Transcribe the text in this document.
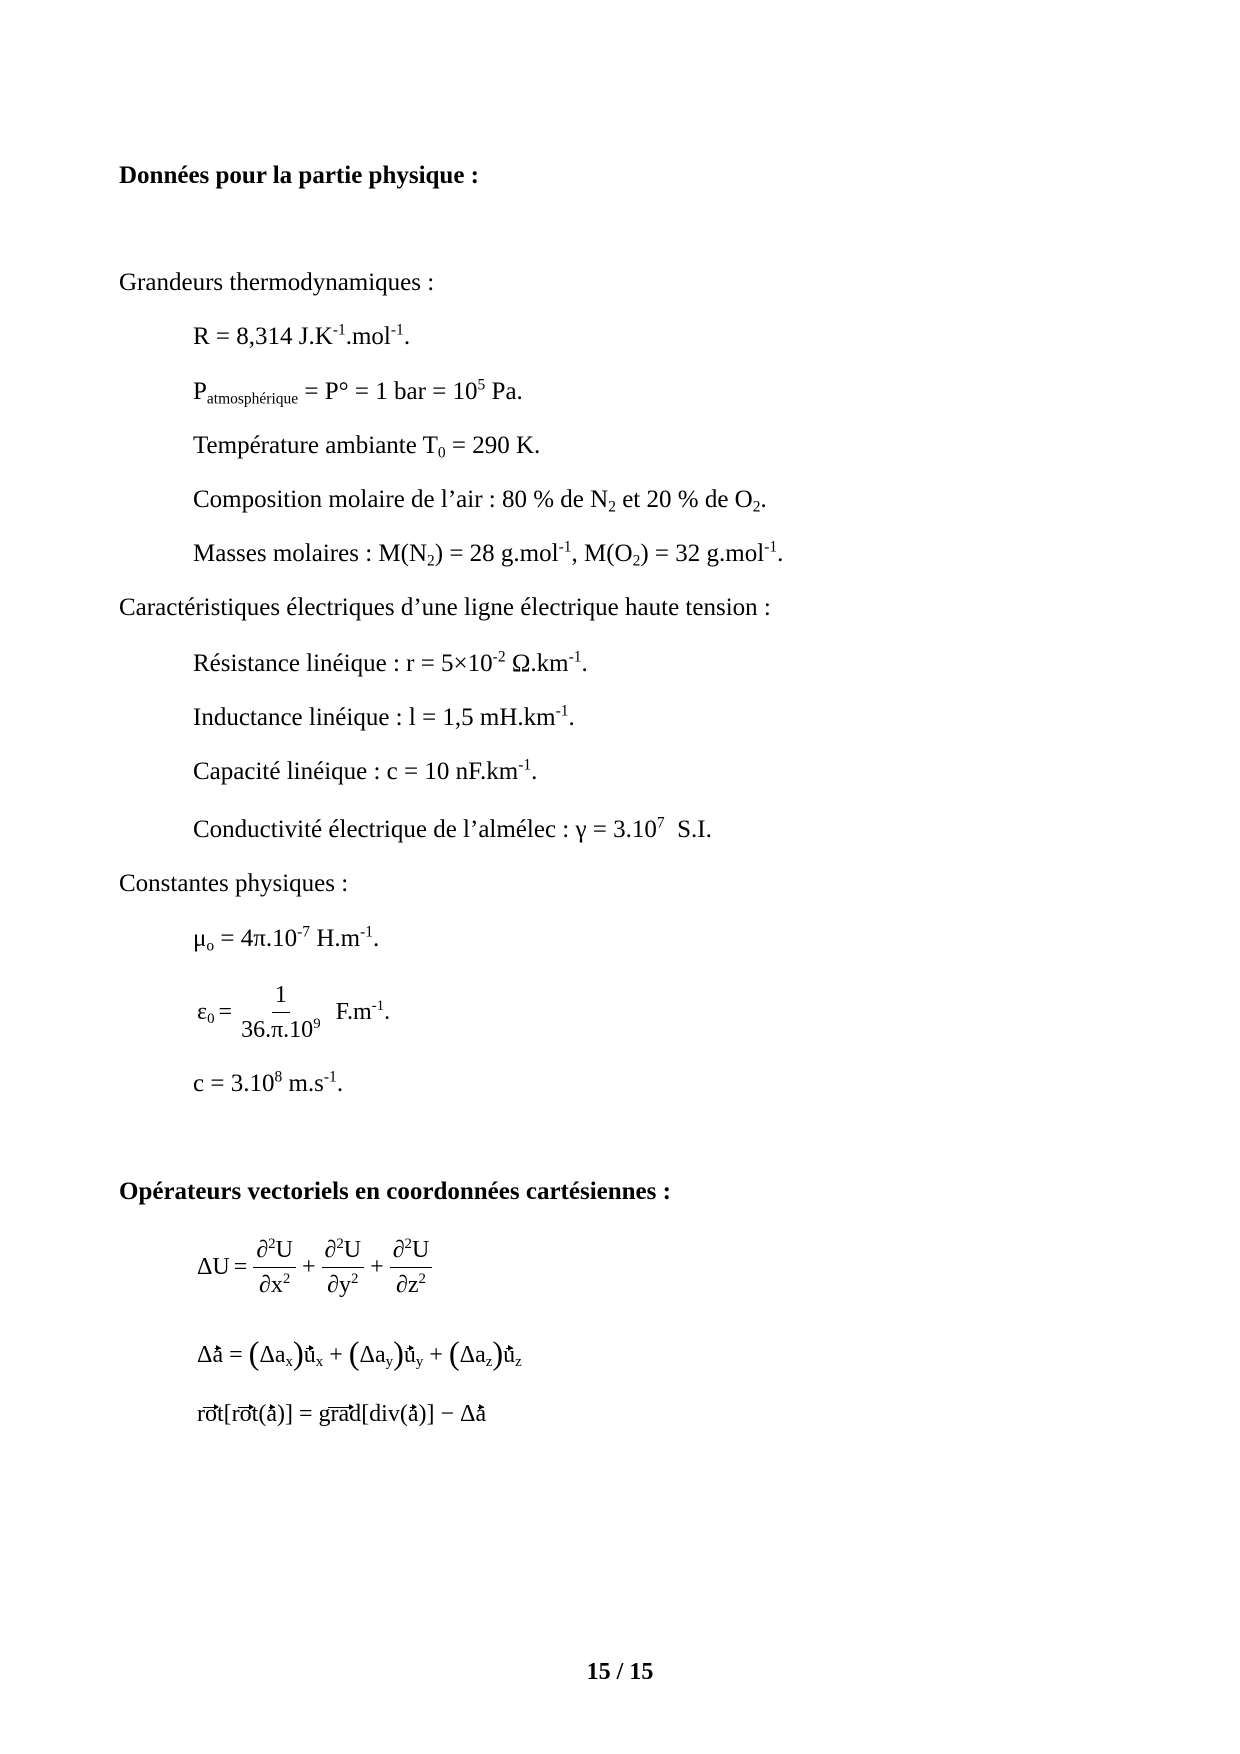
Données pour la partie physique :
Grandeurs thermodynamiques :
R = 8,314 $J.K^{-1}.mol^{-1}$.
$P_{atmosphérique} = P^\circ = 1$ bar = $10^5$ Pa.
Température ambiante $T_0 = 290$ K.
Composition molaire de l’air : 80 % de $N_2$ et 20 % de $O_2$.
Masses molaires : $M(N_2) = 28$ g.mol$^{-1}$, $M(O_2) = 32$ g.mol$^{-1}$.
Caractéristiques électriques d’une ligne électrique haute tension :
Résistance linéique : $r = 5\times 10^{-2}$ $\Omega.km^{-1}$.
Inductance linéique : l = 1,5 $mH.km^{-1}$.
Capacité linéique : c = 10 $nF.km^{-1}$.
Conductivité électrique de l’almélec : $\gamma = 3.10^7$  S.I.
Constantes physiques :
$\mu_o = 4\pi.10^{-7}$ $H.m^{-1}$.
$\varepsilon_0 = \frac{1}{36.\pi.10^9} F.m^{-1}$.
$c = 3.10^8$ $m.s^{-1}$.
Opérateurs vectoriels en coordonnées cartésiennes :
$\Delta U = \frac{\partial^2U}{\partial x^2} + \frac{\partial^2U}{\partial y^2} + \frac{\partial^2U}{\partial z^2}$
$\Delta a = (\Delta a_x)u_x + (\Delta a_y)u_y + (\Delta a_z)u_z$
rot[rot(a)] = grad[div(a)] − Δa
15 / 15
